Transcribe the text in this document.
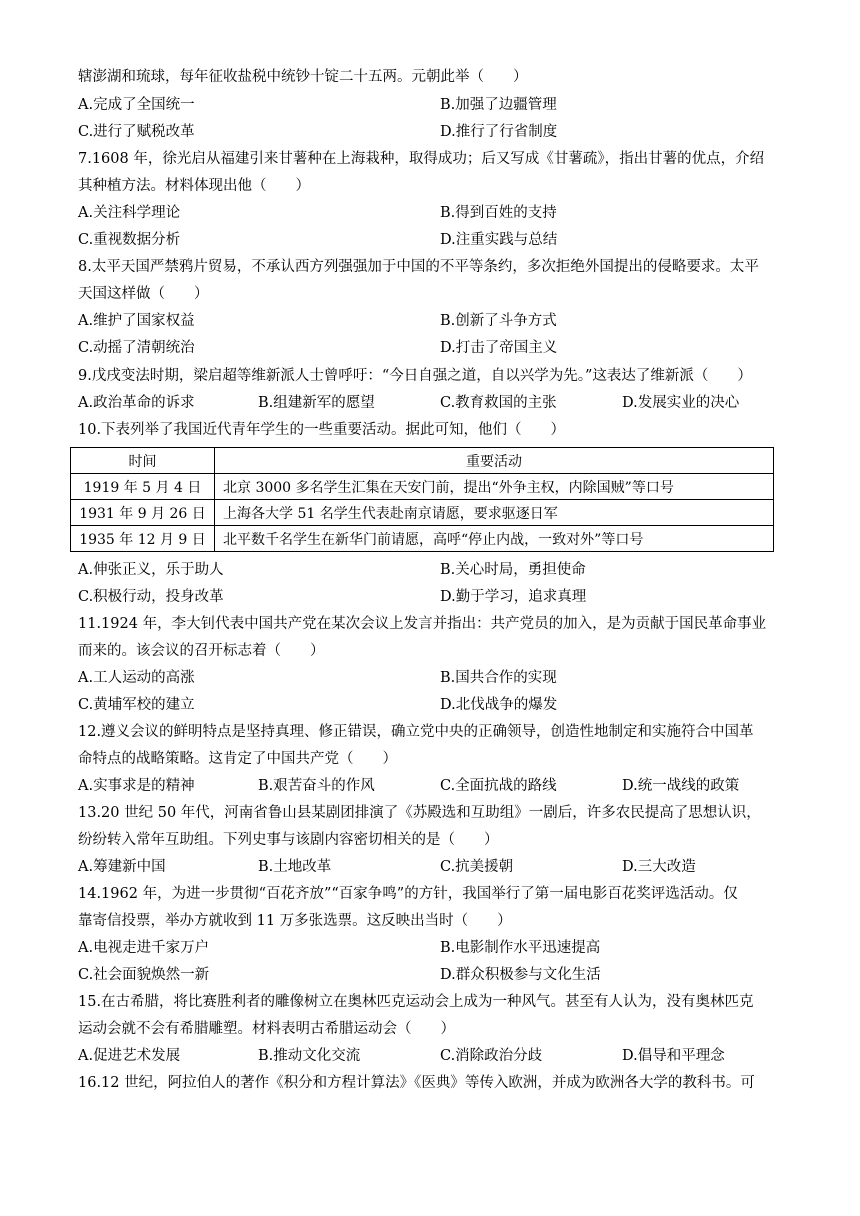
辖澎湖和琉球，每年征收盐税中统钞十锭二十五两。元朝此举（　　）
A.完成了全国统一	B.加强了边疆管理
C.进行了赋税改革	D.推行了行省制度
7.1608 年，徐光启从福建引来甘薯种在上海栽种，取得成功；后又写成《甘薯疏》，指出甘薯的优点，介绍
其种植方法。材料体现出他（　　）
A.关注科学理论	B.得到百姓的支持
C.重视数据分析	D.注重实践与总结
8.太平天国严禁鸦片贸易，不承认西方列强强加于中国的不平等条约，多次拒绝外国提出的侵略要求。太平
天国这样做（　　）
A.维护了国家权益	B.创新了斗争方式
C.动摇了清朝统治	D.打击了帝国主义
9.戊戌变法时期，梁启超等维新派人士曾呼吁：“今日自强之道，自以兴学为先。”这表达了维新派（　　）
A.政治革命的诉求	B.组建新军的愿望	C.教育救国的主张	D.发展实业的决心
10.下表列举了我国近代青年学生的一些重要活动。据此可知，他们（　　）
时间	重要活动
1919 年 5 月 4 日	北京 3000 多名学生汇集在天安门前，提出“外争主权，内除国贼”等口号
1931 年 9 月 26 日	上海各大学 51 名学生代表赴南京请愿，要求驱逐日军
1935 年 12 月 9 日	北平数千名学生在新华门前请愿，高呼“停止内战，一致对外”等口号
A.伸张正义，乐于助人	B.关心时局，勇担使命
C.积极行动，投身改革	D.勤于学习，追求真理
11.1924 年，李大钊代表中国共产党在某次会议上发言并指出：共产党员的加入，是为贡献于国民革命事业
而来的。该会议的召开标志着（　　）
A.工人运动的高涨	B.国共合作的实现
C.黄埔军校的建立	D.北伐战争的爆发
12.遵义会议的鲜明特点是坚持真理、修正错误，确立党中央的正确领导，创造性地制定和实施符合中国革
命特点的战略策略。这肯定了中国共产党（　　）
A.实事求是的精神	B.艰苦奋斗的作风	C.全面抗战的路线	D.统一战线的政策
13.20 世纪 50 年代，河南省鲁山县某剧团排演了《苏殿选和互助组》一剧后，许多农民提高了思想认识，
纷纷转入常年互助组。下列史事与该剧内容密切相关的是（　　）
A.筹建新中国	B.土地改革	C.抗美援朝	D.三大改造
14.1962 年，为进一步贯彻“百花齐放”“百家争鸣”的方针，我国举行了第一届电影百花奖评选活动。仅
靠寄信投票，举办方就收到 11 万多张选票。这反映出当时（　　）
A.电视走进千家万户	B.电影制作水平迅速提高
C.社会面貌焕然一新	D.群众积极参与文化生活
15.在古希腊，将比赛胜利者的雕像树立在奥林匹克运动会上成为一种风气。甚至有人认为，没有奥林匹克
运动会就不会有希腊雕塑。材料表明古希腊运动会（　　）
A.促进艺术发展	B.推动文化交流	C.消除政治分歧	D.倡导和平理念
16.12 世纪，阿拉伯人的著作《积分和方程计算法》《医典》等传入欧洲，并成为欧洲各大学的教科书。可
